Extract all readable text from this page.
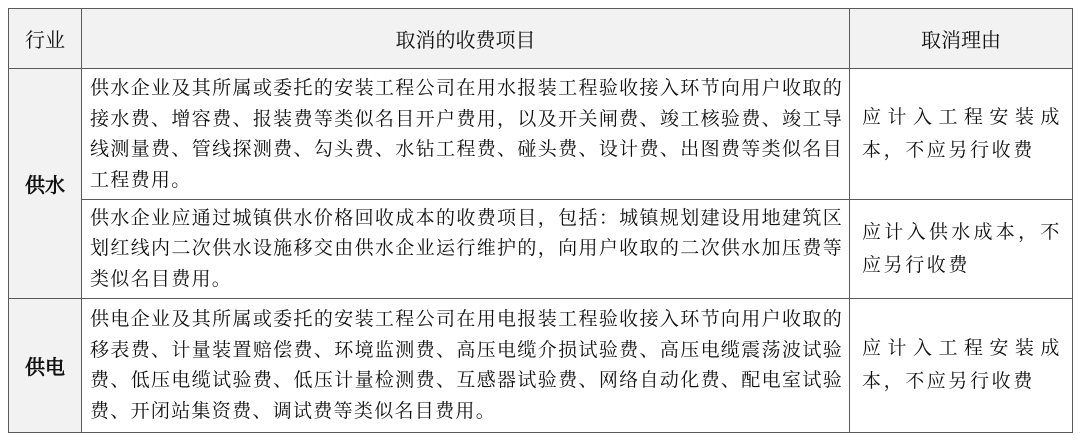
行业	取消的收费项目	取消理由
供水	供水企业及其所属或委托的安装工程公司在用水报装工程验收接入环节向用户收取的接水费、增容费、报装费等类似名目开户费用，以及开关闸费、竣工核验费、竣工导线测量费、管线探测费、勾头费、水钻工程费、碰头费、设计费、出图费等类似名目工程费用。	应计入工程安装成本，不应另行收费
	供水企业应通过城镇供水价格回收成本的收费项目，包括：城镇规划建设用地建筑区划红线内二次供水设施移交由供水企业运行维护的，向用户收取的二次供水加压费等类似名目费用。	应计入供水成本，不应另行收费
供电	供电企业及其所属或委托的安装工程公司在用电报装工程验收接入环节向用户收取的移表费、计量装置赔偿费、环境监测费、高压电缆介损试验费、高压电缆震荡波试验费、低压电缆试验费、低压计量检测费、互感器试验费、网络自动化费、配电室试验费、开闭站集资费、调试费等类似名目费用。	应计入工程安装成本，不应另行收费
